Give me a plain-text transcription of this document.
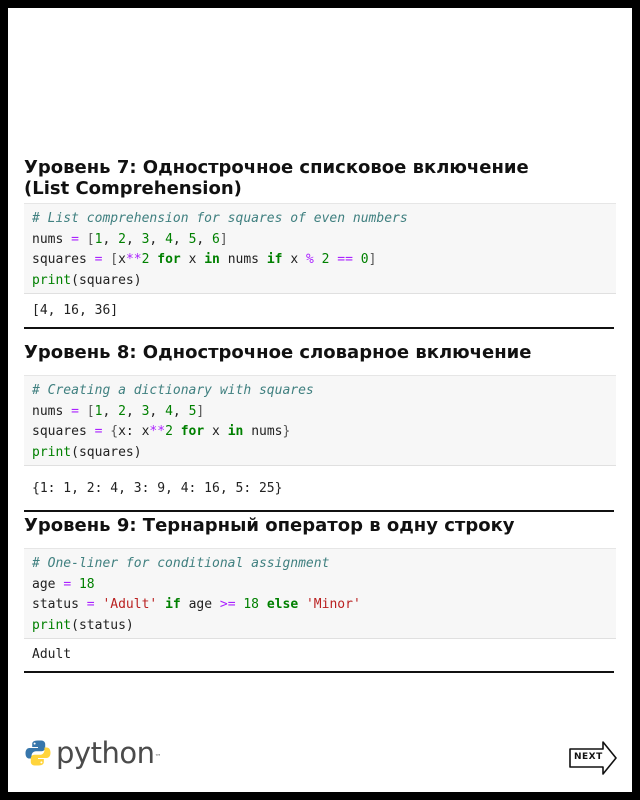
Уровень 7: Однострочное списковое включение
(List Comprehension)
# List comprehension for squares of even numbers
nums = [1, 2, 3, 4, 5, 6]
squares = [x**2 for x in nums if x % 2 == 0]
print(squares)
[4, 16, 36]
Уровень 8: Однострочное словарное включение
# Creating a dictionary with squares
nums = [1, 2, 3, 4, 5]
squares = {x: x**2 for x in nums}
print(squares)
{1: 1, 2: 4, 3: 9, 4: 16, 5: 25}
Уровень 9: Тернарный оператор в одну строку
# One-liner for conditional assignment
age = 18
status = 'Adult' if age >= 18 else 'Minor'
print(status)
Adult
python ™	NEXT
